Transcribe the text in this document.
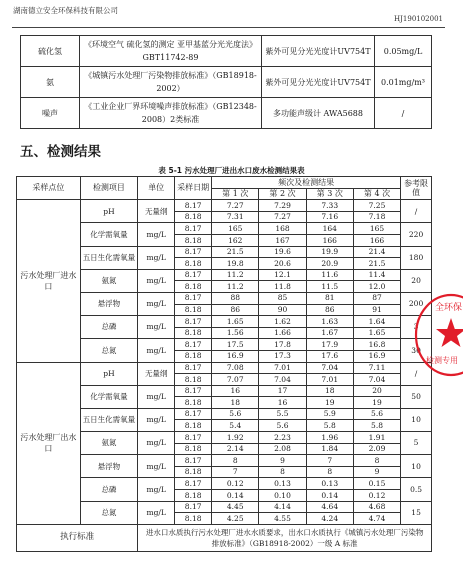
湖南德立安全环保科技有限公司
HJ190102001
硫化氢	《环境空气 硫化氢的测定 亚甲基蓝分光光度法》GBT11742-89	紫外可见分光光度计UV754T	0.05mg/L
氨	《城镇污水处理厂污染物排放标准》（GB18918-2002）	紫外可见分光光度计UV754T	0.01mg/m³
噪声	《工业企业厂界环境噪声排放标准》（GB12348-2008）2类标准	多功能声级计 AWA5688	/
五、检测结果
表 5-1 污水处理厂进出水口废水检测结果表
采样点位	检测项目	单位	采样日期	频次及检测结果				参考限值
				第 1 次	第 2 次	第 3 次	第 4 次	
污水处理厂进水口	pH	无量纲	8.17	7.27	7.29	7.33	7.25	/
			8.18	7.31	7.27	7.16	7.18	
	化学需氧量	mg/L	8.17	165	168	164	165	220
			8.18	162	167	166	166	
	五日生化需氧量	mg/L	8.17	21.5	19.6	19.9	21.4	180
			8.18	19.8	20.6	20.9	21.5	
	氨氮	mg/L	8.17	11.2	12.1	11.6	11.4	20
			8.18	11.2	11.8	11.5	12.0	
	悬浮物	mg/L	8.17	88	85	81	87	200
			8.18	86	90	86	91	
	总磷	mg/L	8.17	1.65	1.62	1.63	1.64	3
			8.18	1.56	1.66	1.67	1.65	
	总氮	mg/L	8.17	17.5	17.8	17.9	16.8	30
			8.18	16.9	17.3	17.6	16.9	
污水处理厂出水口	pH	无量纲	8.17	7.08	7.01	7.04	7.11	/
			8.18	7.07	7.04	7.01	7.04	
	化学需氧量	mg/L	8.17	16	17	18	20	50
			8.18	18	16	19	19	
	五日生化需氧量	mg/L	8.17	5.6	5.5	5.9	5.6	10
			8.18	5.4	5.6	5.8	5.8	
	氨氮	mg/L	8.17	1.92	2.23	1.96	1.91	5
			8.18	2.14	2.08	1.84	2.09	
	悬浮物	mg/L	8.17	8	9	7	8	10
			8.18	7	8	8	9	
	总磷	mg/L	8.17	0.12	0.13	0.13	0.15	0.5
			8.18	0.14	0.10	0.14	0.12	
	总氮	mg/L	8.17	4.45	4.14	4.64	4.68	15
			8.18	4.25	4.55	4.24	4.74	
执行标准		进水口水质执行污水处理厂进水水质要求，出水口水质执行《城镇污水处理厂污染物排放标准》（GB18918-2002）一级 A 标准						
全环保
检测专用
